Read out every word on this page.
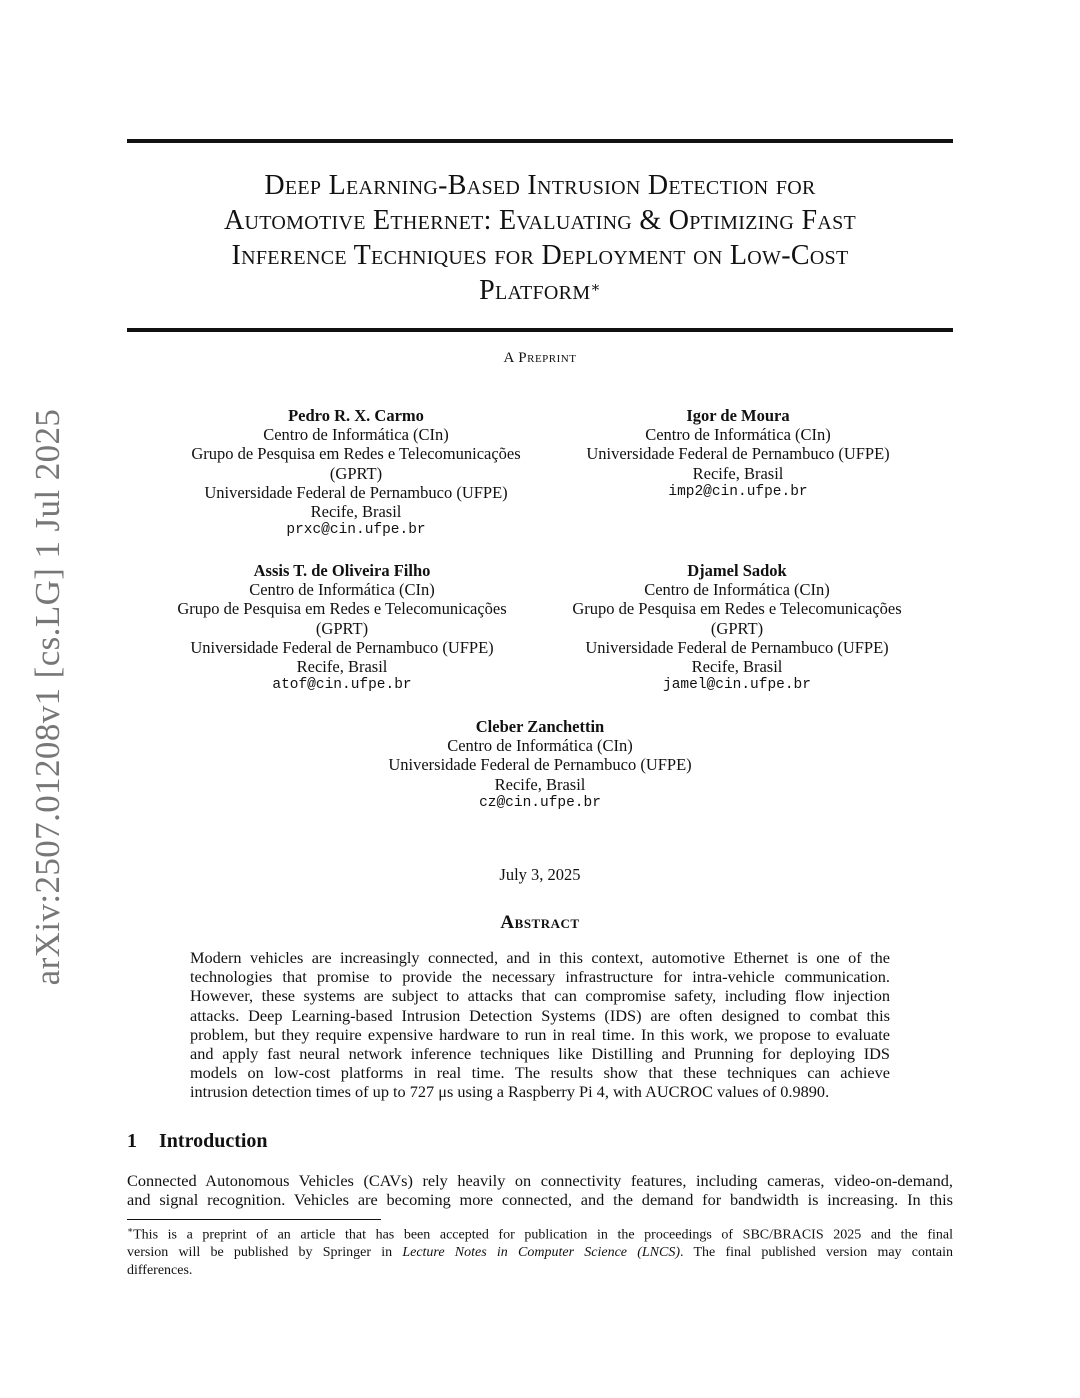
arXiv:2507.01208v1 [cs.LG] 1 Jul 2025
Deep Learning-Based Intrusion Detection for
Automotive Ethernet: Evaluating & Optimizing Fast
Inference Techniques for Deployment on Low-Cost
Platform∗
A Preprint
Pedro R. X. Carmo
Centro de Informática (CIn)
Grupo de Pesquisa em Redes e Telecomunicações
(GPRT)
Universidade Federal de Pernambuco (UFPE)
Recife, Brasil
prxc@cin.ufpe.br
Igor de Moura
Centro de Informática (CIn)
Universidade Federal de Pernambuco (UFPE)
Recife, Brasil
imp2@cin.ufpe.br
Assis T. de Oliveira Filho
Centro de Informática (CIn)
Grupo de Pesquisa em Redes e Telecomunicações
(GPRT)
Universidade Federal de Pernambuco (UFPE)
Recife, Brasil
atof@cin.ufpe.br
Djamel Sadok
Centro de Informática (CIn)
Grupo de Pesquisa em Redes e Telecomunicações
(GPRT)
Universidade Federal de Pernambuco (UFPE)
Recife, Brasil
jamel@cin.ufpe.br
Cleber Zanchettin
Centro de Informática (CIn)
Universidade Federal de Pernambuco (UFPE)
Recife, Brasil
cz@cin.ufpe.br
July 3, 2025
Abstract
Modern vehicles are increasingly connected, and in this context, automotive Ethernet is one of the
technologies that promise to provide the necessary infrastructure for intra-vehicle communication.
However, these systems are subject to attacks that can compromise safety, including flow injection
attacks. Deep Learning-based Intrusion Detection Systems (IDS) are often designed to combat this
problem, but they require expensive hardware to run in real time. In this work, we propose to evaluate
and apply fast neural network inference techniques like Distilling and Prunning for deploying IDS
models on low-cost platforms in real time. The results show that these techniques can achieve
intrusion detection times of up to 727 μs using a Raspberry Pi 4, with AUCROC values of 0.9890.
1 Introduction
Connected Autonomous Vehicles (CAVs) rely heavily on connectivity features, including cameras, video-on-demand,
and signal recognition. Vehicles are becoming more connected, and the demand for bandwidth is increasing. In this
∗This is a preprint of an article that has been accepted for publication in the proceedings of SBC/BRACIS 2025 and the final
version will be published by Springer in Lecture Notes in Computer Science (LNCS). The final published version may contain
differences.
